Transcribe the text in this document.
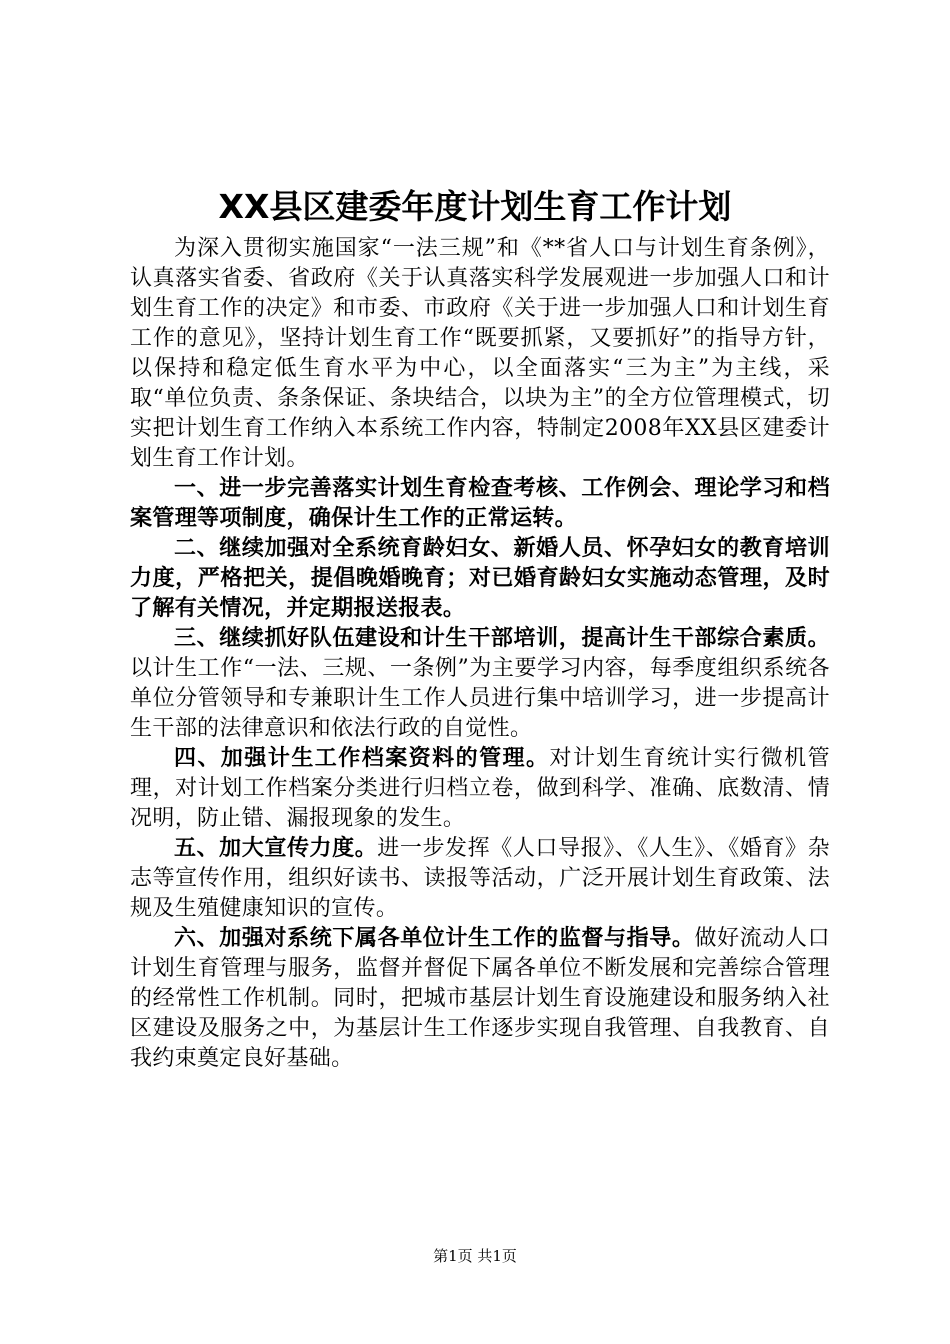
XX县区建委年度计划生育工作计划

为深入贯彻实施国家“一法三规”和《**省人口与计划生育条例》，认真落实省委、省政府《关于认真落实科学发展观进一步加强人口和计划生育工作的决定》和市委、市政府《关于进一步加强人口和计划生育工作的意见》，坚持计划生育工作“既要抓紧，又要抓好”的指导方针，以保持和稳定低生育水平为中心，以全面落实“三为主”为主线，采取“单位负责、条条保证、条块结合，以块为主”的全方位管理模式，切实把计划生育工作纳入本系统工作内容，特制定2008年XX县区建委计划生育工作计划。

一、进一步完善落实计划生育检查考核、工作例会、理论学习和档案管理等项制度，确保计生工作的正常运转。

二、继续加强对全系统育龄妇女、新婚人员、怀孕妇女的教育培训力度，严格把关，提倡晚婚晚育；对已婚育龄妇女实施动态管理，及时了解有关情况，并定期报送报表。

三、继续抓好队伍建设和计生干部培训，提高计生干部综合素质。以计生工作“一法、三规、一条例”为主要学习内容，每季度组织系统各单位分管领导和专兼职计生工作人员进行集中培训学习，进一步提高计生干部的法律意识和依法行政的自觉性。

四、加强计生工作档案资料的管理。对计划生育统计实行微机管理，对计划工作档案分类进行归档立卷，做到科学、准确、底数清、情况明，防止错、漏报现象的发生。

五、加大宣传力度。进一步发挥《人口导报》、《人生》、《婚育》杂志等宣传作用，组织好读书、读报等活动，广泛开展计划生育政策、法规及生殖健康知识的宣传。

六、加强对系统下属各单位计生工作的监督与指导。做好流动人口计划生育管理与服务，监督并督促下属各单位不断发展和完善综合管理的经常性工作机制。同时，把城市基层计划生育设施建设和服务纳入社区建设及服务之中，为基层计生工作逐步实现自我管理、自我教育、自我约束奠定良好基础。

第1页 共1页
